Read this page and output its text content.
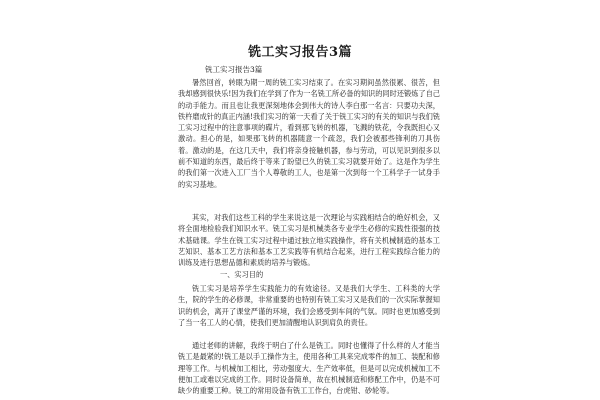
铣工实习报告3篇

铣工实习报告3篇

暑然回首，转眼为期一周的铣工实习结束了。在实习期间虽然很累、很苦，但我却感到很快乐!因为我们在学到了作为一名铣工所必备的知识的同时还锻炼了自己的动手能力。而且也让我更深刻地体会到伟大的诗人李白那一名言：只要功夫深，铁杵磨成针的真正内涵!我们实习的第一天看了关于铣工实习的有关的知识与我们铣工实习过程中的注意事项的碟片，看到那飞转的机器，飞溅的铁花，令我既担心又激动。担心的是，如果那飞转的机器随意一个疏忽，我们会被那些锋利的刀具伤着。激动的是，在这几天中，我们将亲身接触机器，参与劳动，可以见识到很多以前不知道的东西，最后终于等来了盼望已久的铣工实习就要开始了。这是作为学生的我们第一次进入工厂当个人尊敬的工人，也是第一次到每一个工科学子一试身手的实习基地。

其实，对我们这些工科的学生来说这是一次理论与实践相结合的绝好机会，又将全面地检验我们知识水平。铣工实习是机械类各专业学生必修的实践性很强的技术基础课。学生在铣工实习过程中通过独立地实践操作，将有关机械制造的基本工艺知识、基本工艺方法和基本工艺实践等有机结合起来，进行工程实践综合能力的训练及进行思想品德和素质的培养与锻炼。

一、实习目的

铣工实习是培养学生实践能力的有效途径。又是我们大学生、工科类的大学生，院的学生的必修课，非常重要的也特别有铣工实习又是我们的一次实际掌握知识的机会，离开了课堂严谨的环境，我们会感受到车间的气氛。同时也更加感受到了当一名工人的心情，使我们更加清醒地认识到肩负的责任。

通过老师的讲解，我终于明白了什么是铣工。同时也懂得了什么样的人才能当铣工是最紧的!铣工是以手工操作为主，使用各种工具来完成零件的加工、装配和修理等工作。与机械加工相比，劳动强度大、生产效率低，但是可以完成机械加工不便加工或难以完成的工作。同时设备简单，故在机械制造和修配工作中，仍是不可缺少的重要工种。铣工的常用设备有铣工工作台，台虎钳、砂轮等。
